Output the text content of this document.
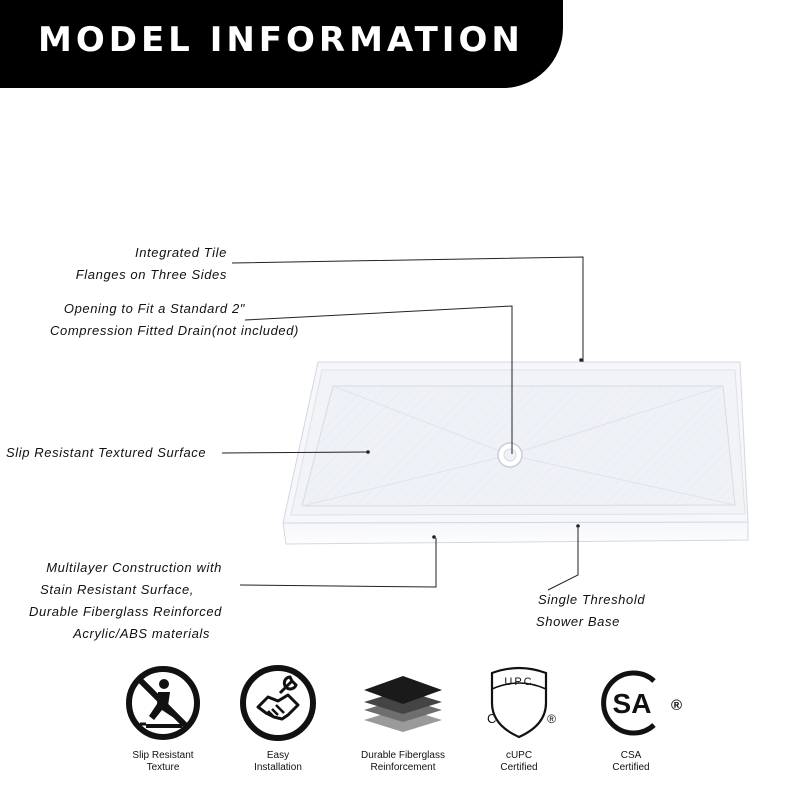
MODEL INFORMATION
Integrated Tile
Flanges on Three Sides
Opening to Fit a Standard 2"
Compression Fitted Drain(not included)
Slip Resistant Textured Surface
Multilayer Construction with
Stain Resistant Surface,
Durable Fiberglass Reinforced
Acrylic/ABS materials
Single Threshold
Shower Base
Slip Resistant
Texture
Easy
Installation
Durable Fiberglass
Reinforcement
UPC
C	®
cUPC
Certified
SA ®
CSA
Certified
